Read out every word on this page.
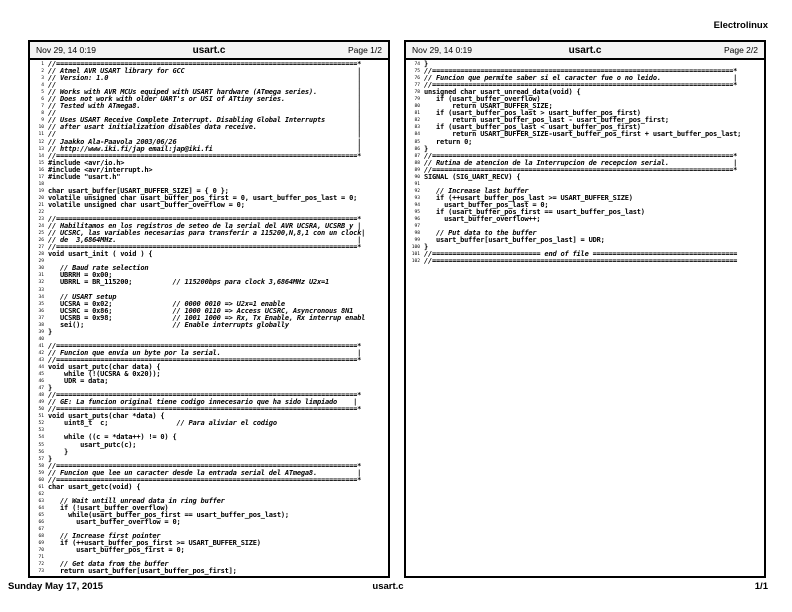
Electrolinux
Nov 29, 14 0:19	usart.c	Page 1/2
1 //===========================================================================*
2 // Atmel AVR USART library for GCC                                           |
3 // Version: 1.0                                                              |
4 //                                                                           |
5 // Works with AVR MCUs equiped with USART hardware (ATmega series).          |
6 // Does not work with older UART's or USI of ATtiny series.                  |
7 // Tested with ATmega8.                                                      |
8 //                                                                           |
9 // Uses USART Receive Complete Interrupt. Disabling Global Interrupts        |
10 // after usart initialization disables data receive.                         |
11 //                                                                           |
12 // Jaakko Ala-Paavola 2003/06/26                                             |
13 // http://www.iki.fi/jap email:jap@iki.fi                                    |
14 //===========================================================================*
15 #include <avr/io.h>
16 #include <avr/interrupt.h>
17 #include "usart.h"
18

19 char usart_buffer[USART_BUFFER_SIZE] = { 0 };
20 volatile unsigned char usart_buffer_pos_first = 0, usart_buffer_pos_last = 0;
21 volatile unsigned char usart_buffer_overflow = 0;
22

23 //===========================================================================*
24 // Habilitamos en los registros de seteo de la serial del AVR UCSRA, UCSRB y |
25 // UCSRC, las variables necesarias para transferir a 115200,N,8,1 con un clock|
26 // de  3,6864MHz.                                                            |
27 //===========================================================================*
28 void usart_init ( void ) {
29

30	// Baud rate selection
31 UBRRH = 0x00;
32 UBRRL = BR_115200;          // 115200bps para clock 3,6864MHz U2x=1
33

34	// USART setup
35 UCSRA = 0x02;               // 0000 0010 => U2x=1 enable
36 UCSRC = 0x86;               // 1000 0110 => Access UCSRC, Asyncronous 8N1
37 UCSRB = 0x98;               // 1001 1000 => Rx, Tx Enable, Rx interrup enabl
38 sei();                      // Enable interrupts globally
39 }
40

41 //===========================================================================*
42 // Funcion que envia un byte por la serial.                                  |
43 //===========================================================================*
44 void usart_putc(char data) {
45 while (!(UCSRA & 0x20));
46 UDR = data;
47 }
48 //===========================================================================*
49 // GE: La funcion original tiene codigo innecesario que ha sido limpiado    |
50 //===========================================================================*
51 void usart_puts(char *data) {
52 uint8_t  c;                 // Para aliviar el codigo
53

54 while ((c = *data++) != 0) {
55 usart_putc(c);
56 }
57 }
58 //===========================================================================*
59 // Funcion que lee un caracter desde la entrada serial del ATmega8.          |
60 //===========================================================================*
61 char usart_getc(void) {
62

63	// Wait untill unread data in ring buffer
64 if (!usart_buffer_overflow)
65 while(usart_buffer_pos_first == usart_buffer_pos_last);
66 usart_buffer_overflow = 0;
67

68	// Increase first pointer
69 if (++usart_buffer_pos_first >= USART_BUFFER_SIZE)
70 usart_buffer_pos_first = 0;
71

72	// Get data from the buffer
73 return usart_buffer[usart_buffer_pos_first];
Nov 29, 14 0:19	usart.c	Page 2/2
74 }
75 //===========================================================================*
76 // Funcion que permite saber si el caracter fue o no leido.                  |
77 //===========================================================================*
78 unsigned char usart_unread_data(void) {
79 if (usart_buffer_overflow)
80 return USART_BUFFER_SIZE;
81 if (usart_buffer_pos_last > usart_buffer_pos_first)
82 return usart_buffer_pos_last - usart_buffer_pos_first;
83 if (usart_buffer_pos_last < usart_buffer_pos_first)
84 return USART_BUFFER_SIZE-usart_buffer_pos_first + usart_buffer_pos_last;
85 return 0;
86 }
87 //===========================================================================*
88 // Rutina de atencion de la Interrupcion de recepcion serial.                |
89 //===========================================================================*
90 SIGNAL (SIG_UART_RECV) {
91

92	// Increase last buffer
93 if (++usart_buffer_pos_last >= USART_BUFFER_SIZE)
94 usart_buffer_pos_last = 0;
95 if (usart_buffer_pos_first == usart_buffer_pos_last)
96 usart_buffer_overflow++;
97

98	// Put data to the buffer
99 usart_buffer[usart_buffer_pos_last] = UDR;
100 }
101 //=========================== end of file ====================================
102 //============================================================================
Sunday May 17, 2015	usart.c	1/1
